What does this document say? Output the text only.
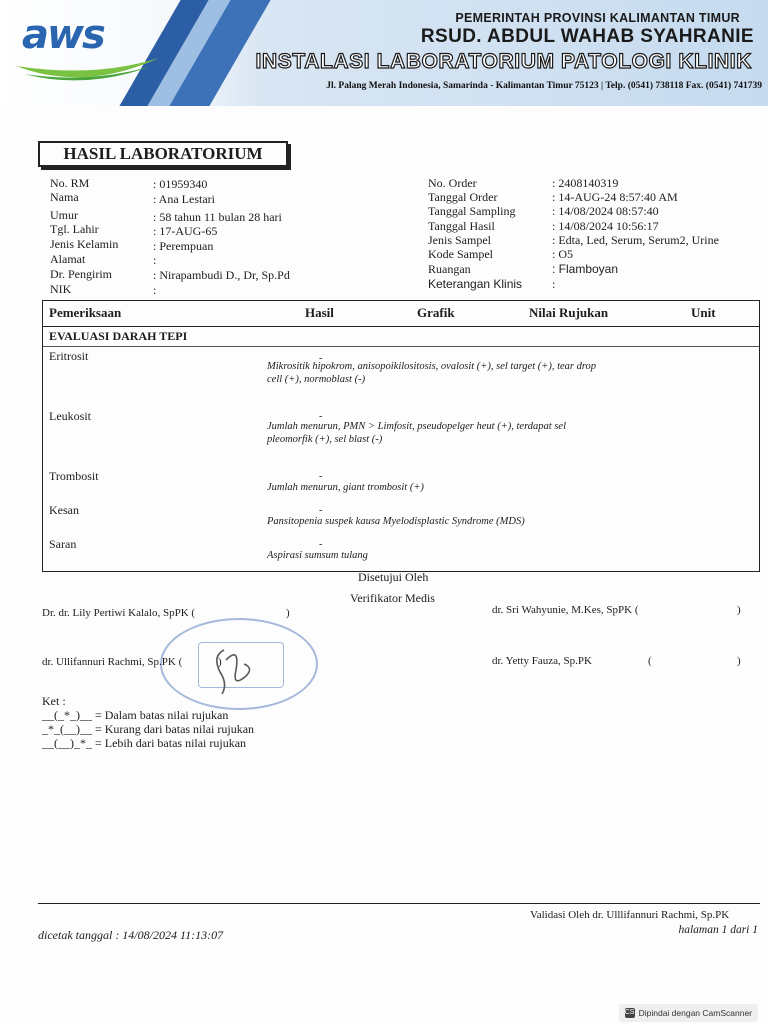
aws	PEMERINTAH PROVINSI KALIMANTAN TIMUR
RSUD. ABDUL WAHAB SYAHRANIE
INSTALASI LABORATORIUM PATOLOGI KLINIK
Jl. Palang Merah Indonesia, Samarinda - Kalimantan Timur 75123 | Telp. (0541) 738118 Fax. (0541) 741739
HASIL LABORATORIUM
No. RM	: 01959340
Nama	: Ana Lestari
Umur	: 58 tahun 11 bulan 28 hari
Tgl. Lahir	: 17-AUG-65
Jenis Kelamin	: Perempuan
Alamat	:
Dr. Pengirim	: Nirapambudi D., Dr, Sp.Pd
NIK	:
No. Order	: 2408140319
Tanggal Order	: 14-AUG-24 8:57:40 AM
Tanggal Sampling	: 14/08/2024 08:57:40
Tanggal Hasil	: 14/08/2024 10:56:17
Jenis Sampel	: Edta, Led, Serum, Serum2, Urine
Kode Sampel	: O5
Ruangan	: Flamboyan
Keterangan Klinis :
Pemeriksaan	Hasil	Grafik	Nilai Rujukan	Unit
EVALUASI DARAH TEPI
Eritrosit	-
Mikrositik hipokrom, anisopoikilositosis, ovalosit (+), sel target (+), tear drop cell (+), normoblast (-)
Leukosit	-
Jumlah menurun, PMN > Limfosit, pseudopelger heut (+), terdapat sel pleomorfik (+), sel blast (-)
Trombosit	-
Jumlah menurun, giant trombosit (+)
Kesan	-
Pansitopenia suspek kausa Myelodisplastic Syndrome (MDS)
Saran	-
Aspirasi sumsum tulang
Disetujui Oleh
Verifikator Medis
Dr. dr. Lily Pertiwi Kalalo, SpPK (	)	dr. Sri Wahyunie, M.Kes, SpPK (	)
dr. Ullifannuri Rachmi, Sp.PK (	)	dr. Yetty Fauza, Sp.PK	(	)
Ket :
__(_*_)__ = Dalam batas nilai rujukan
_*_(__)__ = Kurang dari batas nilai rujukan
__(__)_*_ = Lebih dari batas nilai rujukan
Validasi Oleh dr. Ulllifannuri Rachmi, Sp.PK
halaman 1 dari 1
dicetak tanggal : 14/08/2024 11:13:07
CS Dipindai dengan CamScanner
